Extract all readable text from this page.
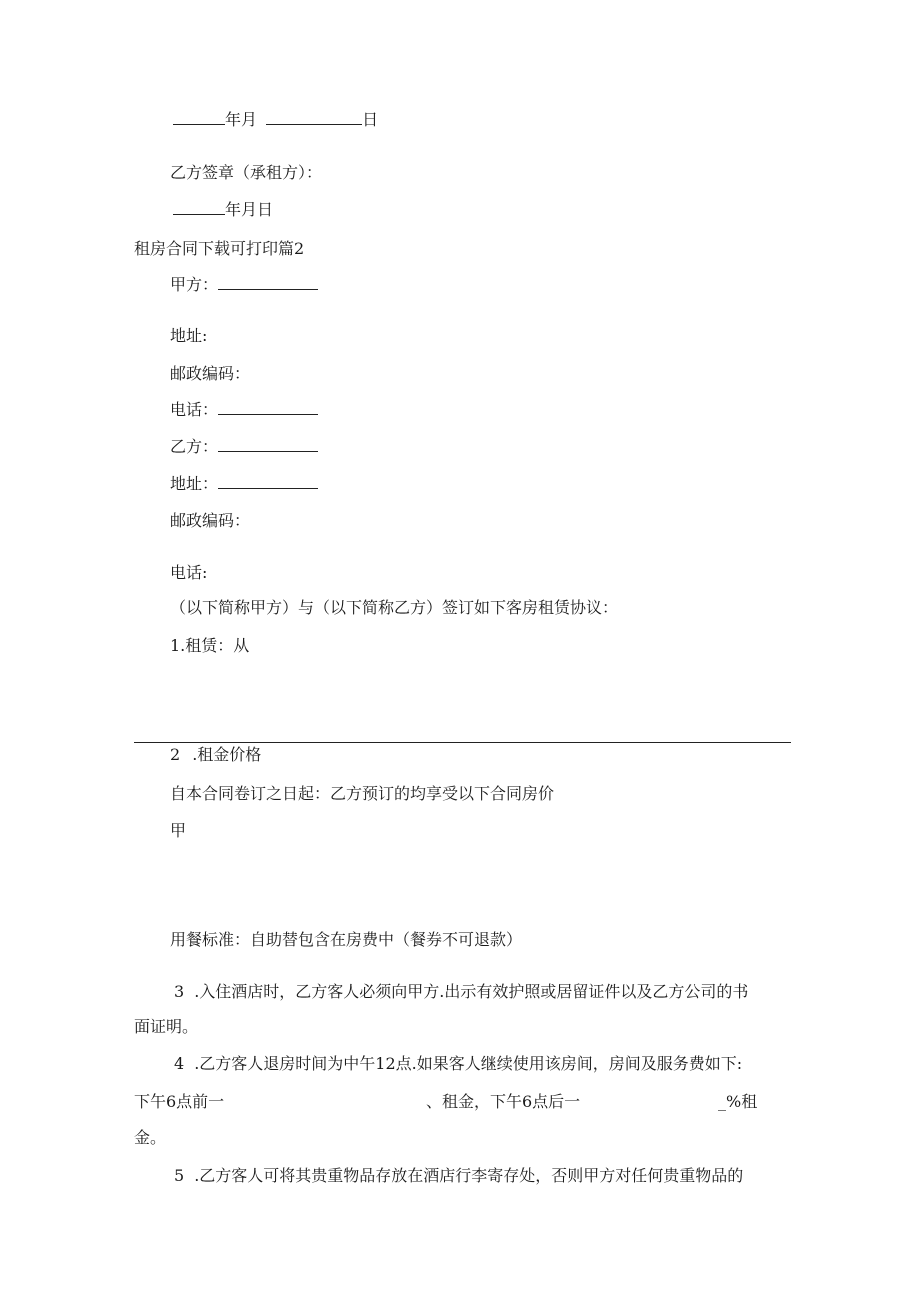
年月	日
乙方签章（承租方）：
年月日
租房合同下载可打印篇2
甲方：
地址:
邮政编码：
电话：
乙方：
地址：
邮政编码：
电话:
（以下简称甲方）与（以下简称乙方）签订如下客房租赁协议：
1.租赁：从
2 .租金价格
自本合同卷订之日起：乙方预订的均享受以下合同房价
甲
用餐标准：自助替包含在房费中（餐券不可退款）
3 .入住酒店时，乙方客人必须向甲方.出示有效护照或居留证件以及乙方公司的书
面证明。
4 .乙方客人退房时间为中午12点.如果客人继续使用该房间，房间及服务费如下:
下午6点前一	、租金，下午6点后一	_%租
金。
5 .乙方客人可将其贵重物品存放在酒店行李寄存处，否则甲方对任何贵重物品的
